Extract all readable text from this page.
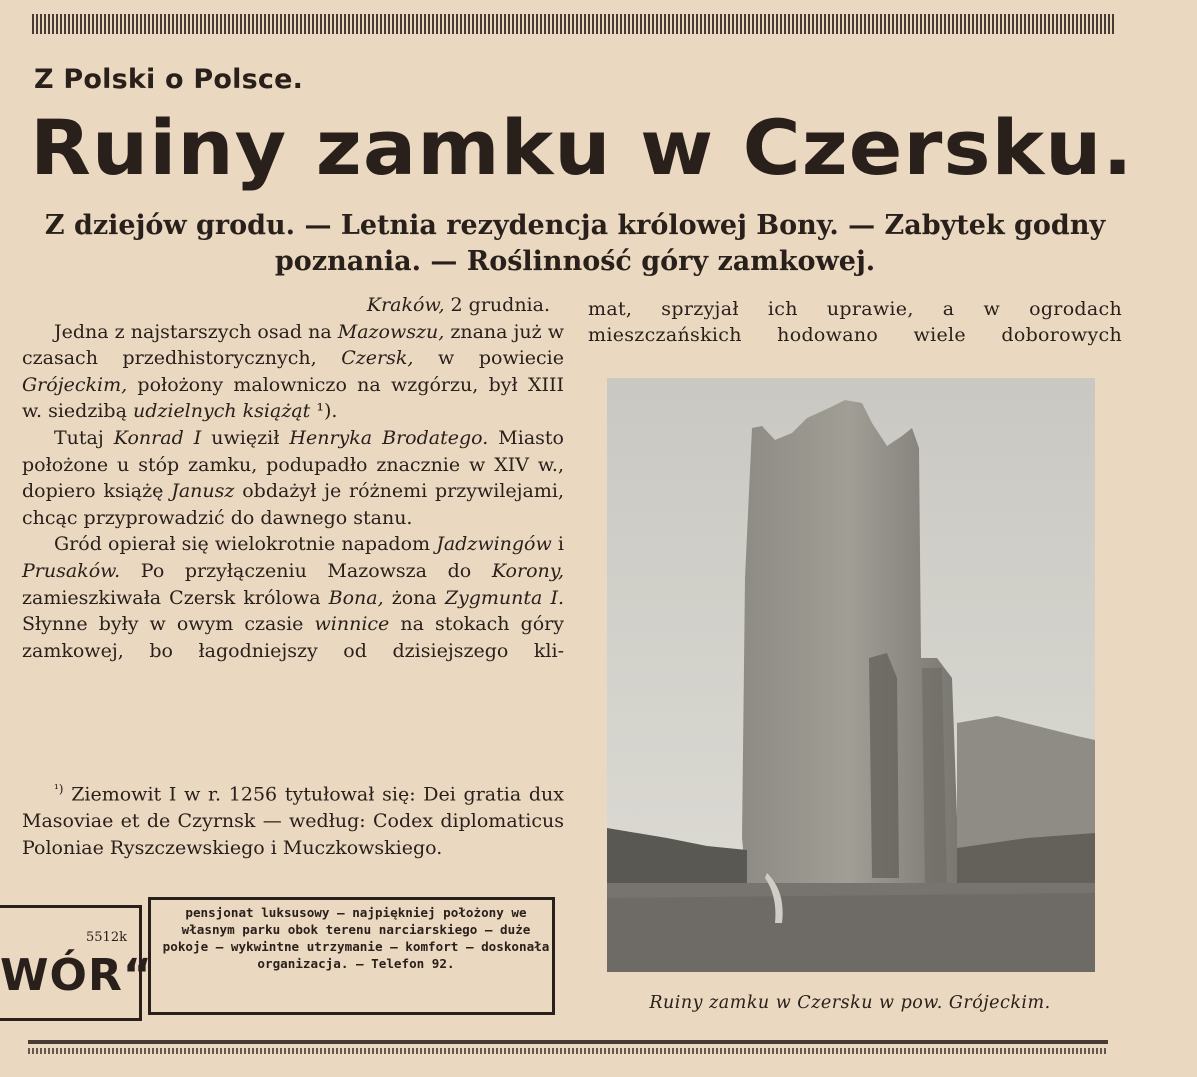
Z Polski o Polsce.
Ruiny zamku w Czersku.
Z dziejów grodu. — Letnia rezydencja królowej Bony. — Zabytek godny
poznania. — Roślinność góry zamkowej.

Kraków, 2 grudnia.

Jedna z najstarszych osad na Mazowszu, znana już w czasach przedhistorycznych, Czersk, w powiecie Grójeckim, położony malowniczo na wzgórzu, był XIII w. siedzibą udzielnych książąt ¹).

Tutaj Konrad I uwięził Henryka Brodatego. Miasto położone u stóp zamku, podupadło znacznie w XIV w., dopiero książę Janusz obdażył je różnemi przywilejami, chcąc przyprowadzić do dawnego stanu.

Gród opierał się wielokrotnie napadom Jadzwingów i Prusaków. Po przyłączeniu Mazowsza do Korony, zamieszkiwała Czersk królowa Bona, żona Zygmunta I. Słynne były w owym czasie winnice na stokach góry zamkowej, bo łagodniejszy od dzisiejszego kli-

$^{^1)}$ Ziemowit I w r. 1256 tytułował się: Dei gratia dux Masoviae et de Czyrnsk — według: Codex diplomaticus Poloniae Ryszczewskiego i Muczkowskiego.

mat, sprzyjał ich uprawie, a w ogrodach
mieszczańskich hodowano wiele doborowych
Ruiny zamku w Czersku w pow. Grójeckim.
5512k
WÓR“
pensjonat luksusowy — najpiękniej położony we własnym parku obok terenu narciarskiego — duże pokoje — wykwintne utrzymanie — komfort — doskonała organizacja. — Telefon 92.
